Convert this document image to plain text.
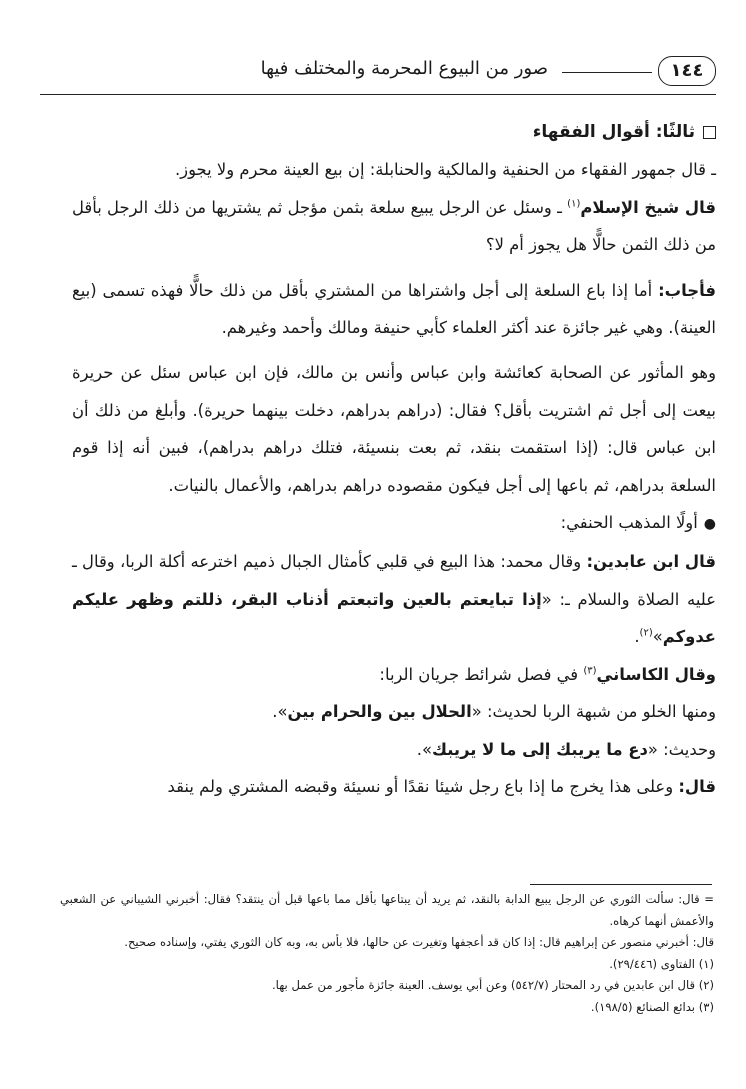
١٤٤
صور من البيوع المحرمة والمختلف فيها

ثالثًا: أقوال الفقهاء

ـ قال جمهور الفقهاء من الحنفية والمالكية والحنابلة: إن بيع العينة محرم ولا يجوز.

قال شيخ الإسلام$^{(١)}$ ـ وسئل عن الرجل يبيع سلعة بثمن مؤجل ثم يشتريها من ذلك الرجل بأقل من ذلك الثمن حالًّا هل يجوز أم لا؟

فأجاب: أما إذا باع السلعة إلى أجل واشتراها من المشتري بأقل من ذلك حالًّا فهذه تسمى (بيع العينة). وهي غير جائزة عند أكثر العلماء كأبي حنيفة ومالك وأحمد وغيرهم.

وهو المأثور عن الصحابة كعائشة وابن عباس وأنس بن مالك، فإن ابن عباس سئل عن حريرة بيعت إلى أجل ثم اشتريت بأقل؟ فقال: (دراهم بدراهم، دخلت بينهما حريرة). وأبلغ من ذلك أن ابن عباس قال: (إذا استقمت بنقد، ثم بعت بنسيئة، فتلك دراهم بدراهم)، فبين أنه إذا قوم السلعة بدراهم، ثم باعها إلى أجل فيكون مقصوده دراهم بدراهم، والأعمال بالنيات.

●أولًا المذهب الحنفي:

قال ابن عابدين: وقال محمد: هذا البيع في قلبي كأمثال الجبال ذميم اخترعه أكلة الربا، وقال ـ عليه الصلاة والسلام ـ: «إذا تبايعتم بالعين واتبعتم أذناب البقر، ذللتم وظهر عليكم عدوكم»$^{(٢)}$.

وقال الكاساني$^{(٣)}$ في فصل شرائط جريان الربا:

ومنها الخلو من شبهة الربا لحديث: «الحلال بين والحرام بين».

وحديث: «دع ما يريبك إلى ما لا يريبك».

قال: وعلى هذا يخرج ما إذا باع رجل شيئا نقدًا أو نسيئة وقبضه المشتري ولم ينقد

= قال: سألت الثوري عن الرجل يبيع الدابة بالنقد، ثم يريد أن يبتاعها بأقل مما باعها قبل أن ينتقد؟ فقال: أخبرني الشيباني عن الشعبي والأعمش أنهما كرهاه.

قال: أخبرني منصور عن إبراهيم قال: إذا كان قد أعجفها وتغيرت عن حالها، فلا بأس به، وبه كان الثوري يفتي، وإسناده صحيح.

(١) الفتاوى (٢٩/٤٤٦).

(٢) قال ابن عابدين في رد المحتار (٥٤٢/٧) وعن أبي يوسف. العينة جائزة مأجور من عمل بها.

(٣) بدائع الصنائع (١٩٨/٥).
